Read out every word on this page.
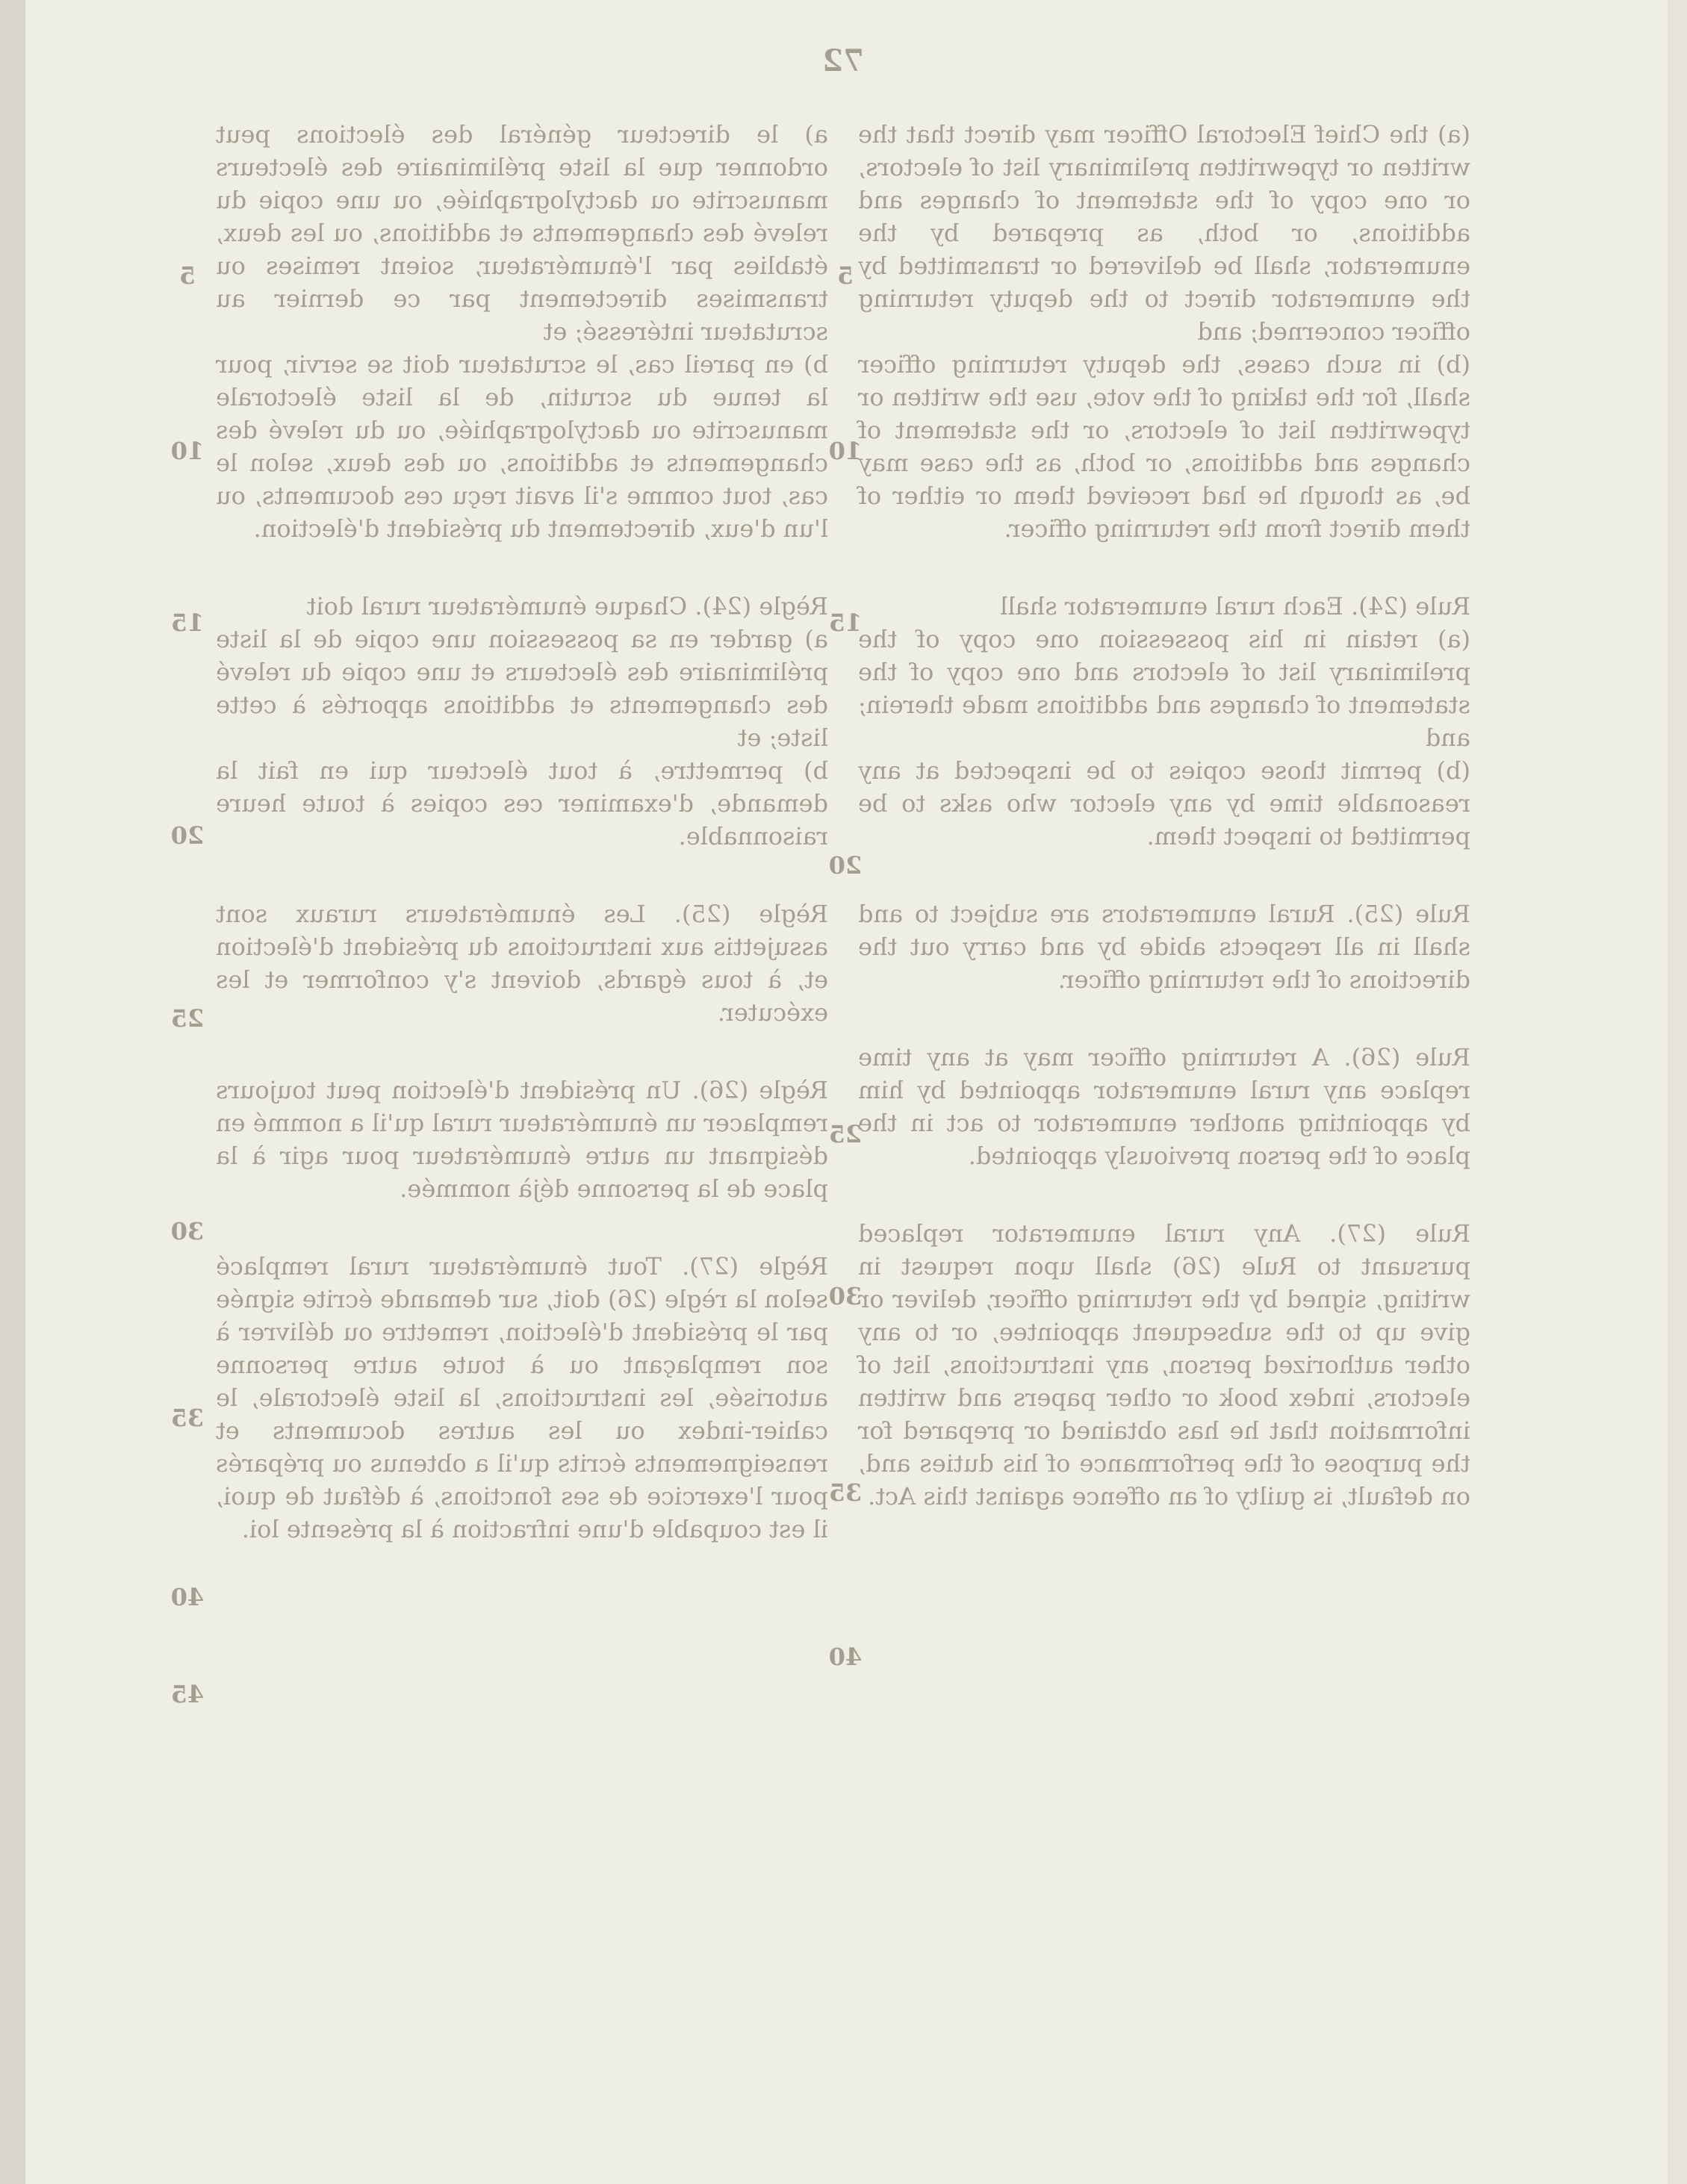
72

(a) the Chief Electoral Officer may direct that the written or typewritten preliminary list of electors, or one copy of the statement of changes and additions, or both, as prepared by the enumerator, shall be delivered or transmitted by the enumerator direct to the deputy returning officer concerned; and

(b) in such cases, the deputy returning officer shall, for the taking of the vote, use the written or typewritten list of electors, or the statement of changes and additions, or both, as the case may be, as though he had received them or either of them direct from the returning officer.

Rule (24). Each rural enumerator shall

(a) retain in his possession one copy of the preliminary list of electors and one copy of the statement of changes and additions made therein; and

(b) permit those copies to be inspected at any reasonable time by any elector who asks to be permitted to inspect them.

Rule (25). Rural enumerators are subject to and shall in all respects abide by and carry out the directions of the returning officer.

Rule (26). A returning officer may at any time replace any rural enumerator appointed by him by appointing another enumerator to act in the place of the person previously appointed.

Rule (27). Any rural enumerator replaced pursuant to Rule (26) shall upon request in writing, signed by the returning officer, deliver or give up to the subsequent appointee, or to any other authorized person, any instructions, list of electors, index book or other papers and written information that he has obtained or prepared for the purpose of the performance of his duties and, on default, is guilty of an offence against this Act.

a) le directeur général des élections peut ordonner que la liste préliminaire des électeurs manuscrite ou dactylographiée, ou une copie du relevé des changements et additions, ou les deux, établies par l'énumérateur, soient remises ou transmises directement par ce dernier au scrutateur intéressé; et

b) en pareil cas, le scrutateur doit se servir, pour la tenue du scrutin, de la liste électorale manuscrite ou dactylographiée, ou du relevé des changements et additions, ou des deux, selon le cas, tout comme s'il avait reçu ces documents, ou l'un d'eux, directement du président d'élection.

Règle (24). Chaque énumérateur rural doit

a) garder en sa possession une copie de la liste préliminaire des électeurs et une copie du relevé des changements et additions apportés à cette liste; et

b) permettre, à tout électeur qui en fait la demande, d'examiner ces copies à toute heure raisonnable.

Règle (25). Les énumérateurs ruraux sont assujettis aux instructions du président d'élection et, à tous égards, doivent s'y conformer et les exécuter.

Règle (26). Un président d'élection peut toujours remplacer un énumérateur rural qu'il a nommé en désignant un autre énumérateur pour agir à la place de la personne déjà nommée.

Règle (27). Tout énumérateur rural remplacé selon la règle (26) doit, sur demande écrite signée par le président d'élection, remettre ou délivrer à son remplaçant ou à toute autre personne autorisée, les instructions, la liste électorale, le cahier-index ou les autres documents et renseignements écrits qu'il a obtenus ou préparés pour l'exercice de ses fonctions, à défaut de quoi, il est coupable d'une infraction à la présente loi.

5
10
15
20
25
30
35
40
5
10
15
20
25
30
35
40
45
